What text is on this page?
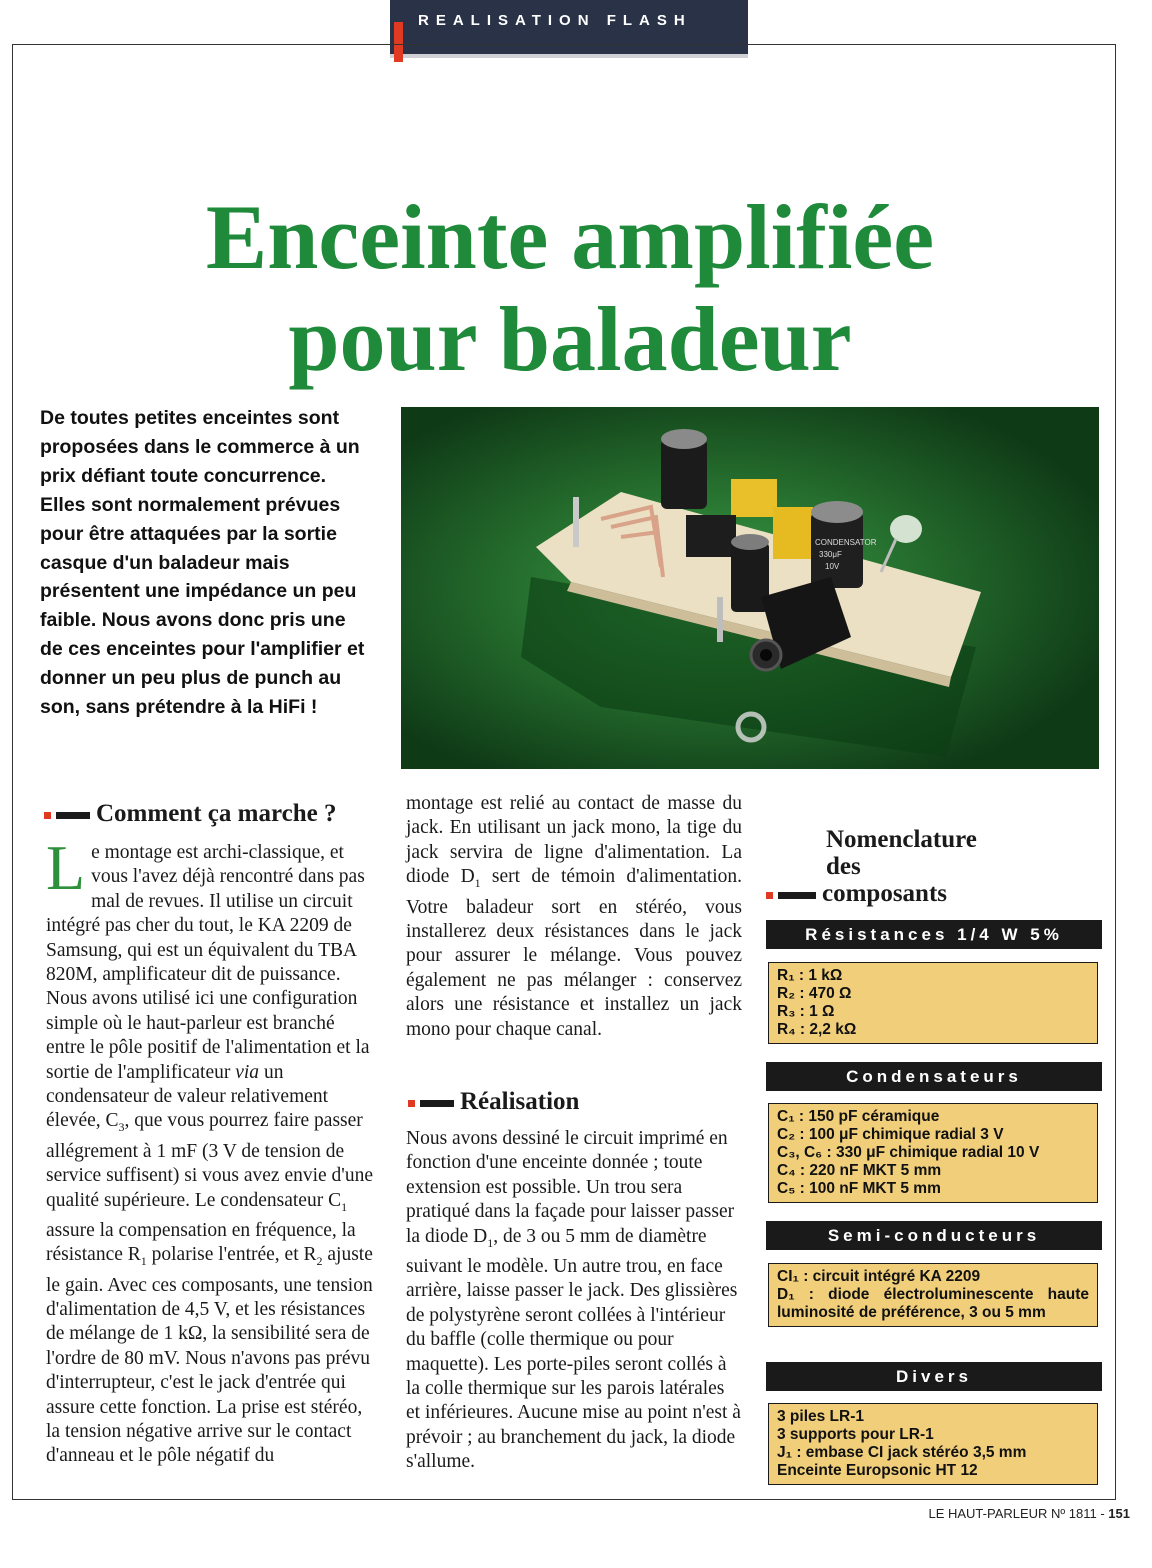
REALISATION FLASH
Enceinte amplifiée
pour baladeur
De toutes petites enceintes sont proposées dans le commerce à un prix défiant toute concurrence. Elles sont normalement prévues pour être attaquées par la sortie casque d'un baladeur mais présentent une impédance un peu faible. Nous avons donc pris une de ces enceintes pour l'amplifier et donner un peu plus de punch au son, sans prétendre à la HiFi !
CONDENSATOR
330μF
10V
Comment ça marche ?
Le montage est archi-classique, et vous l'avez déjà rencontré dans pas mal de revues. Il utilise un circuit intégré pas cher du tout, le KA 2209 de Samsung, qui est un équivalent du TBA 820M, amplificateur dit de puissance. Nous avons utilisé ici une configuration simple où le haut-parleur est branché entre le pôle positif de l'alimentation et la sortie de l'amplificateur via un condensateur de valeur relativement élevée, $C_3$, que vous pourrez faire passer allégrement à 1 mF (3 V de tension de service suffisent) si vous avez envie d'une qualité supérieure. Le condensateur $C_1$ assure la compensation en fréquence, la résistance $R_1$ polarise l'entrée, et $R_2$ ajuste le gain. Avec ces composants, une tension d'alimentation de 4,5 V, et les résistances de mélange de 1 kΩ, la sensibilité sera de l'ordre de 80 mV. Nous n'avons pas prévu d'interrupteur, c'est le jack d'entrée qui assure cette fonction. La prise est stéréo, la tension négative arrive sur le contact d'anneau et le pôle négatif du
montage est relié au contact de masse du jack. En utilisant un jack mono, la tige du jack servira de ligne d'alimentation. La diode $D_1$ sert de témoin d'alimentation. Votre baladeur sort en stéréo, vous installerez deux résistances dans le jack pour assurer le mélange. Vous pouvez également ne pas mélanger : conservez alors une résistance et installez un jack mono pour chaque canal.
Réalisation
Nous avons dessiné le circuit imprimé en fonction d'une enceinte donnée ; toute extension est possible. Un trou sera pratiqué dans la façade pour laisser passer la diode $D_1$, de 3 ou 5 mm de diamètre suivant le modèle. Un autre trou, en face arrière, laisse passer le jack. Des glissières de polystyrène seront collées à l'intérieur du baffle (colle thermique ou pour maquette). Les porte-piles seront collés à la colle thermique sur les parois latérales et inférieures. Aucune mise au point n'est à prévoir ; au branchement du jack, la diode s'allume.
Nomenclature
des
composants
Résistances 1/4 W 5%
R₁ : 1 kΩ
R₂ : 470 Ω
R₃ : 1 Ω
R₄ : 2,2 kΩ
Condensateurs
C₁ : 150 pF céramique
C₂ : 100 μF chimique radial 3 V
C₃, C₆ : 330 μF chimique radial 10 V
C₄ : 220 nF MKT 5 mm
C₅ : 100 nF MKT 5 mm
Semi-conducteurs
CI₁ : circuit intégré KA 2209
D₁ : diode électroluminescente haute luminosité de préférence, 3 ou 5 mm
Divers
3 piles LR-1
3 supports pour LR-1
J₁ : embase CI jack stéréo 3,5 mm
Enceinte Europsonic HT 12
LE HAUT-PARLEUR Nº 1811 - 151
